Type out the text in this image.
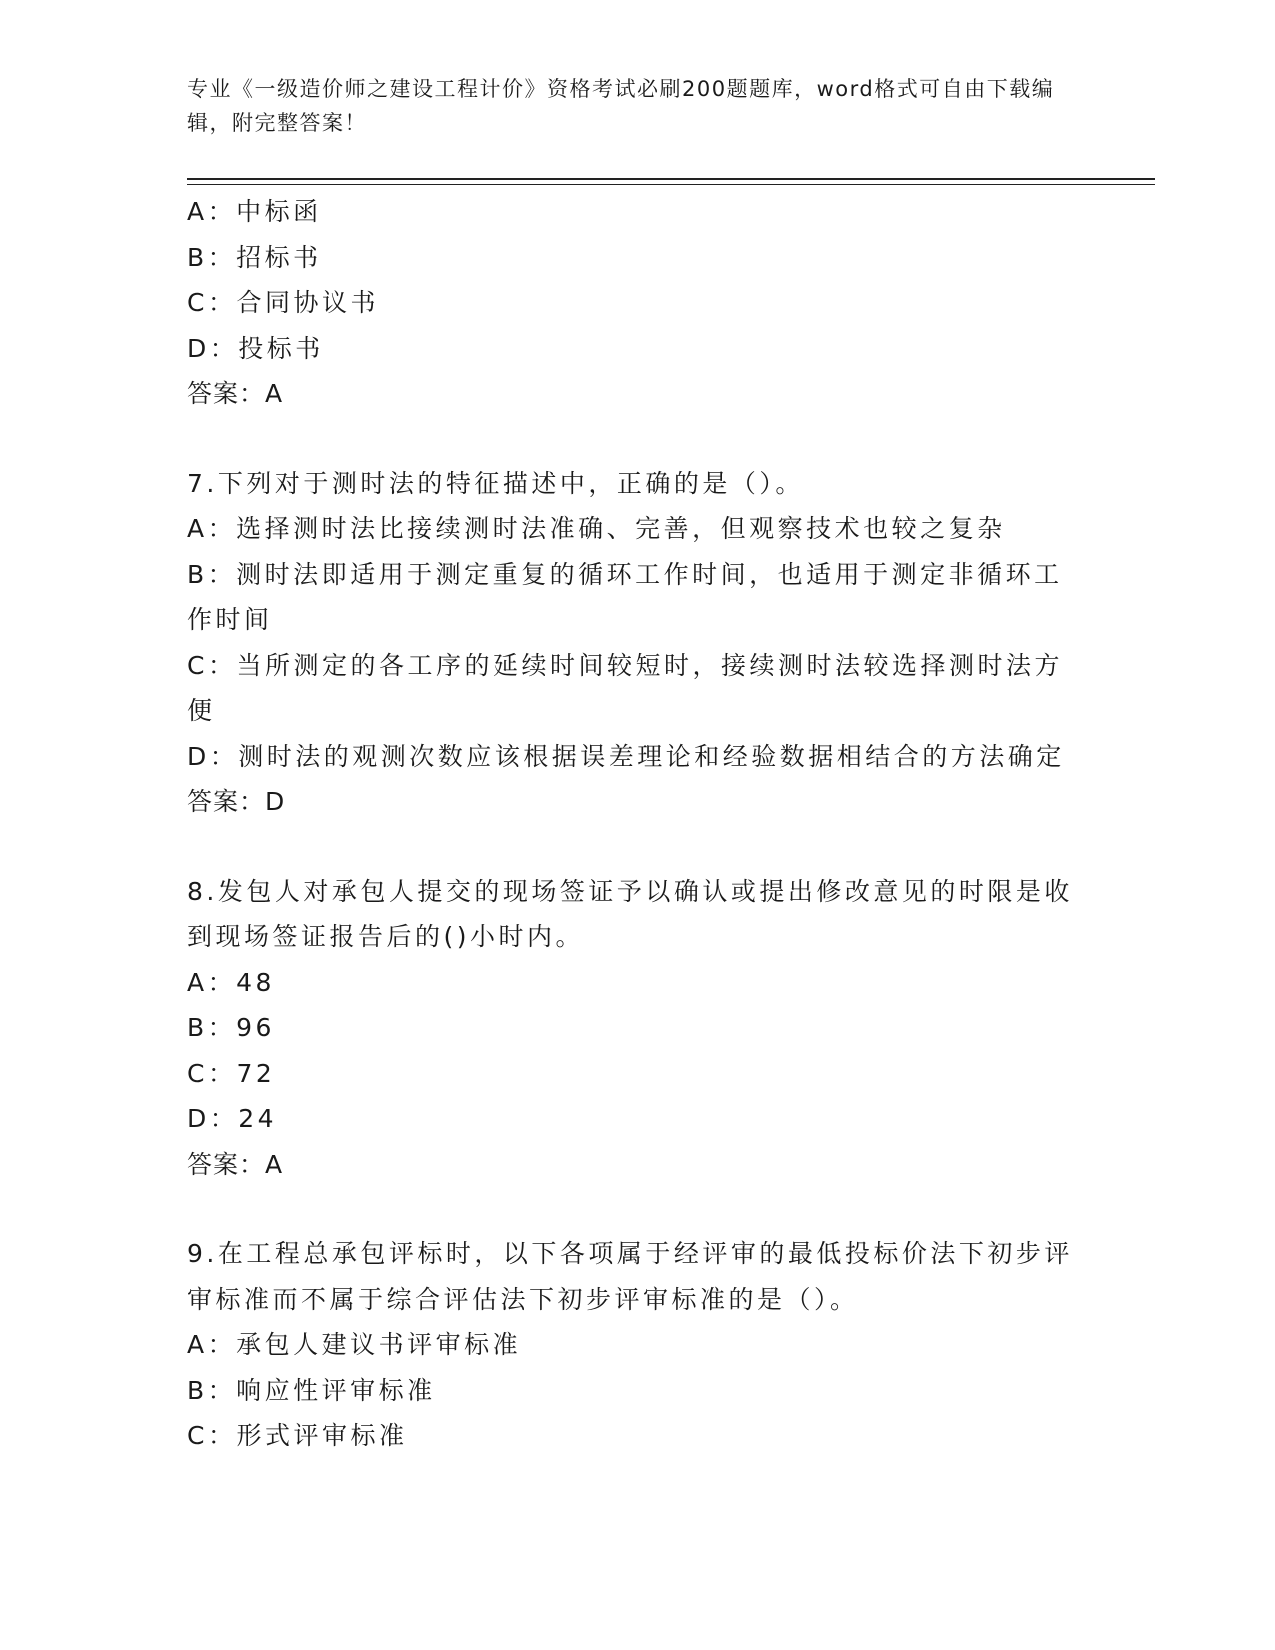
专业《一级造价师之建设工程计价》资格考试必刷200题题库，word格式可自由下载编辑，附完整答案！

A：中标函

B：招标书

C：合同协议书

D：投标书

答案：A

7.下列对于测时法的特征描述中，正确的是（）。

A：选择测时法比接续测时法准确、完善，但观察技术也较之复杂

B：测时法即适用于测定重复的循环工作时间，也适用于测定非循环工作时间

C：当所测定的各工序的延续时间较短时，接续测时法较选择测时法方便

D：测时法的观测次数应该根据误差理论和经验数据相结合的方法确定

答案：D

8.发包人对承包人提交的现场签证予以确认或提出修改意见的时限是收到现场签证报告后的()小时内。

A：48

B：96

C：72

D：24

答案：A

9.在工程总承包评标时，以下各项属于经评审的最低投标价法下初步评审标准而不属于综合评估法下初步评审标准的是（）。

A：承包人建议书评审标准

B：响应性评审标准

C：形式评审标准
